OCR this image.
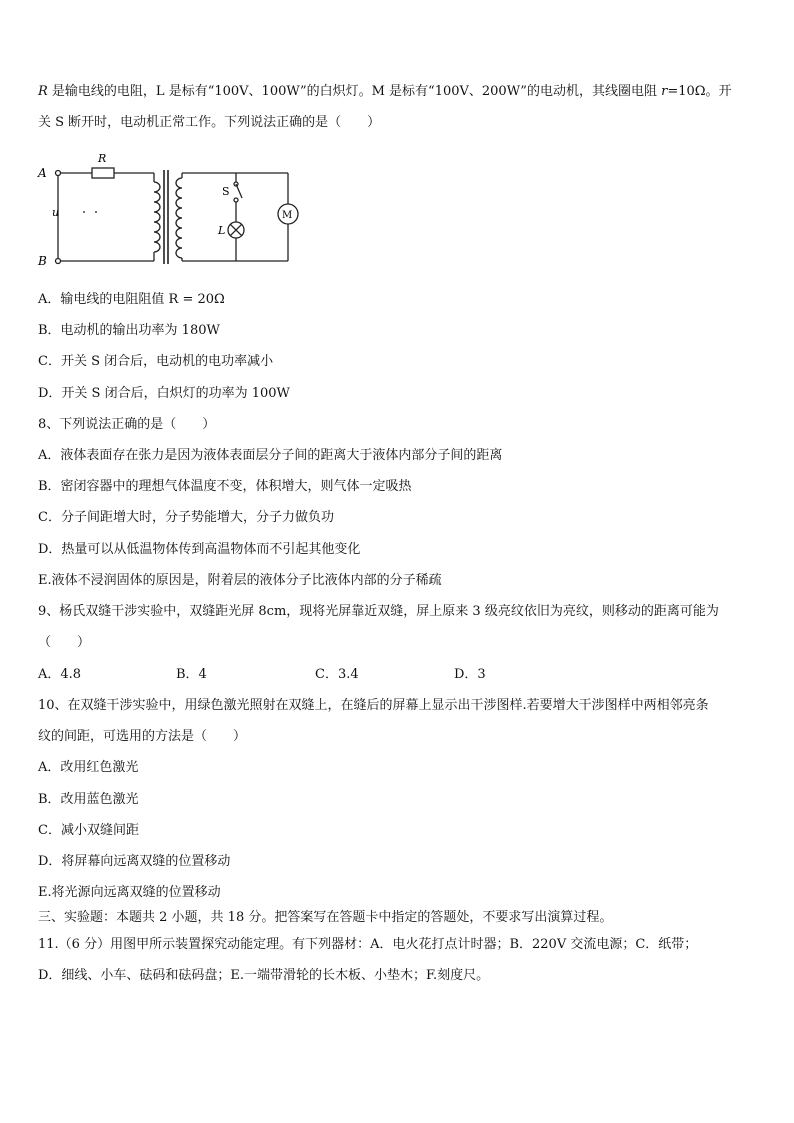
R 是输电线的电阻，L 是标有“100V、100W”的白炽灯。M 是标有“100V、200W”的电动机，其线圈电阻 r=10Ω。开
关 S 断开时，电动机正常工作。下列说法正确的是（　　）
A
B
u
R
S
L
M
A．输电线的电阻阻值 R = 20Ω
B．电动机的输出功率为 180W
C．开关 S 闭合后，电动机的电功率减小
D．开关 S 闭合后，白炽灯的功率为 100W
8、下列说法正确的是（　　）
A．液体表面存在张力是因为液体表面层分子间的距离大于液体内部分子间的距离
B．密闭容器中的理想气体温度不变，体积增大，则气体一定吸热
C．分子间距增大时，分子势能增大，分子力做负功
D．热量可以从低温物体传到高温物体而不引起其他变化
E.液体不浸润固体的原因是，附着层的液体分子比液体内部的分子稀疏
9、杨氏双缝干涉实验中，双缝距光屏 8cm，现将光屏靠近双缝，屏上原来 3 级亮纹依旧为亮纹，则移动的距离可能为
（　　）
A．4.8	B．4	C．3.4	D．3
10、在双缝干涉实验中，用绿色激光照射在双缝上，在缝后的屏幕上显示出干涉图样.若要增大干涉图样中两相邻亮条
纹的间距，可选用的方法是（　　）
A．改用红色激光
B．改用蓝色激光
C．减小双缝间距
D．将屏幕向远离双缝的位置移动
E.将光源向远离双缝的位置移动
三、实验题：本题共 2 小题，共 18 分。把答案写在答题卡中指定的答题处，不要求写出演算过程。
11.（6 分）用图甲所示装置探究动能定理。有下列器材：A．电火花打点计时器；B．220V 交流电源；C．纸带；
D．细线、小车、砝码和砝码盘；E.一端带滑轮的长木板、小垫木；F.刻度尺。
